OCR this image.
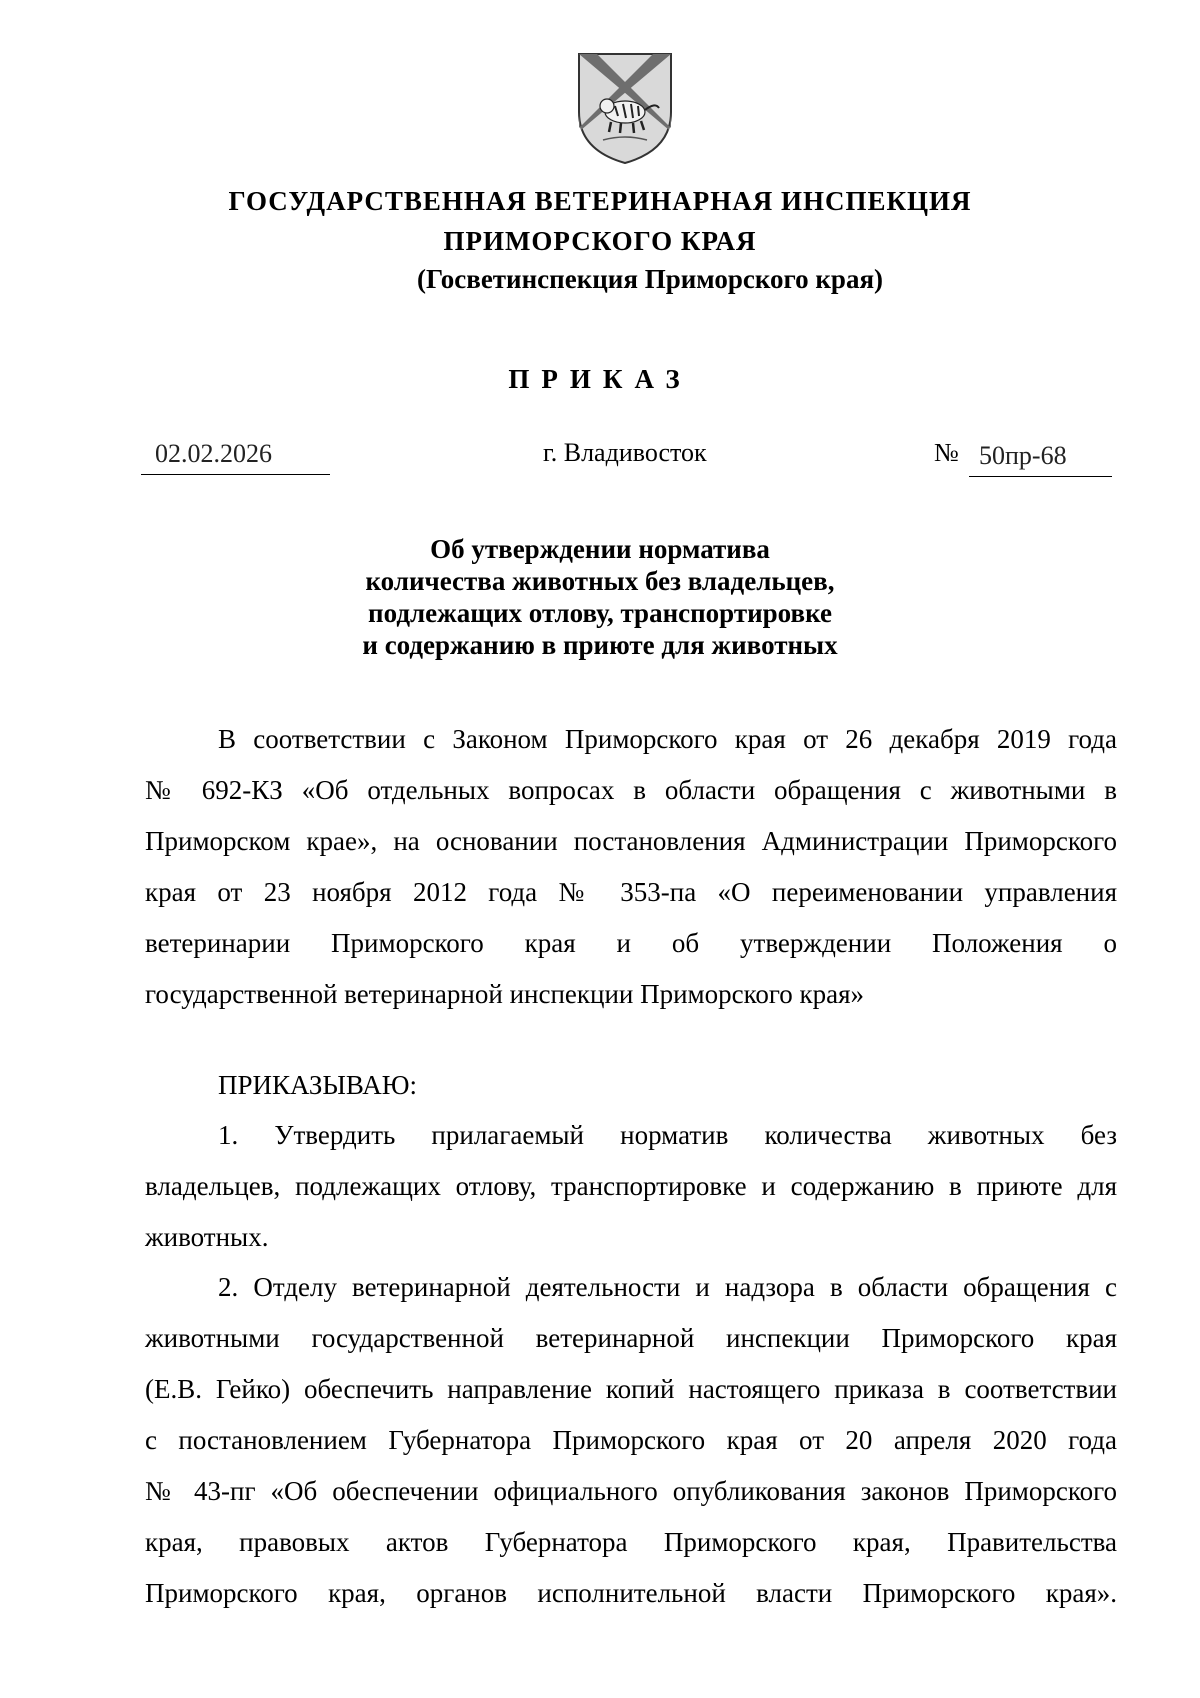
ГОСУДАРСТВЕННАЯ ВЕТЕРИНАРНАЯ ИНСПЕКЦИЯ
ПРИМОРСКОГО КРАЯ
(Госветинспекция Приморского края)
ПРИКАЗ
02.02.2026	г. Владивосток	№ 50пр-68
Об утверждении норматива
количества животных без владельцев,
подлежащих отлову, транспортировке
и содержанию в приюте для животных
В соответствии с Законом Приморского края от 26 декабря 2019 года
№ 692-КЗ «Об отдельных вопросах в области обращения с животными в
Приморском крае», на основании постановления Администрации Приморского
края от 23 ноября 2012 года № 353-па «О переименовании управления
ветеринарии Приморского края и об утверждении Положения о
государственной ветеринарной инспекции Приморского края»
ПРИКАЗЫВАЮ:
1. Утвердить прилагаемый норматив количества животных без
владельцев, подлежащих отлову, транспортировке и содержанию в приюте для
животных.
2. Отделу ветеринарной деятельности и надзора в области обращения с
животными государственной ветеринарной инспекции Приморского края
(Е.В. Гейко) обеспечить направление копий настоящего приказа в соответствии
с постановлением Губернатора Приморского края от 20 апреля 2020 года
№ 43-пг «Об обеспечении официального опубликования законов Приморского
края, правовых актов Губернатора Приморского края, Правительства
Приморского края, органов исполнительной власти Приморского края».
